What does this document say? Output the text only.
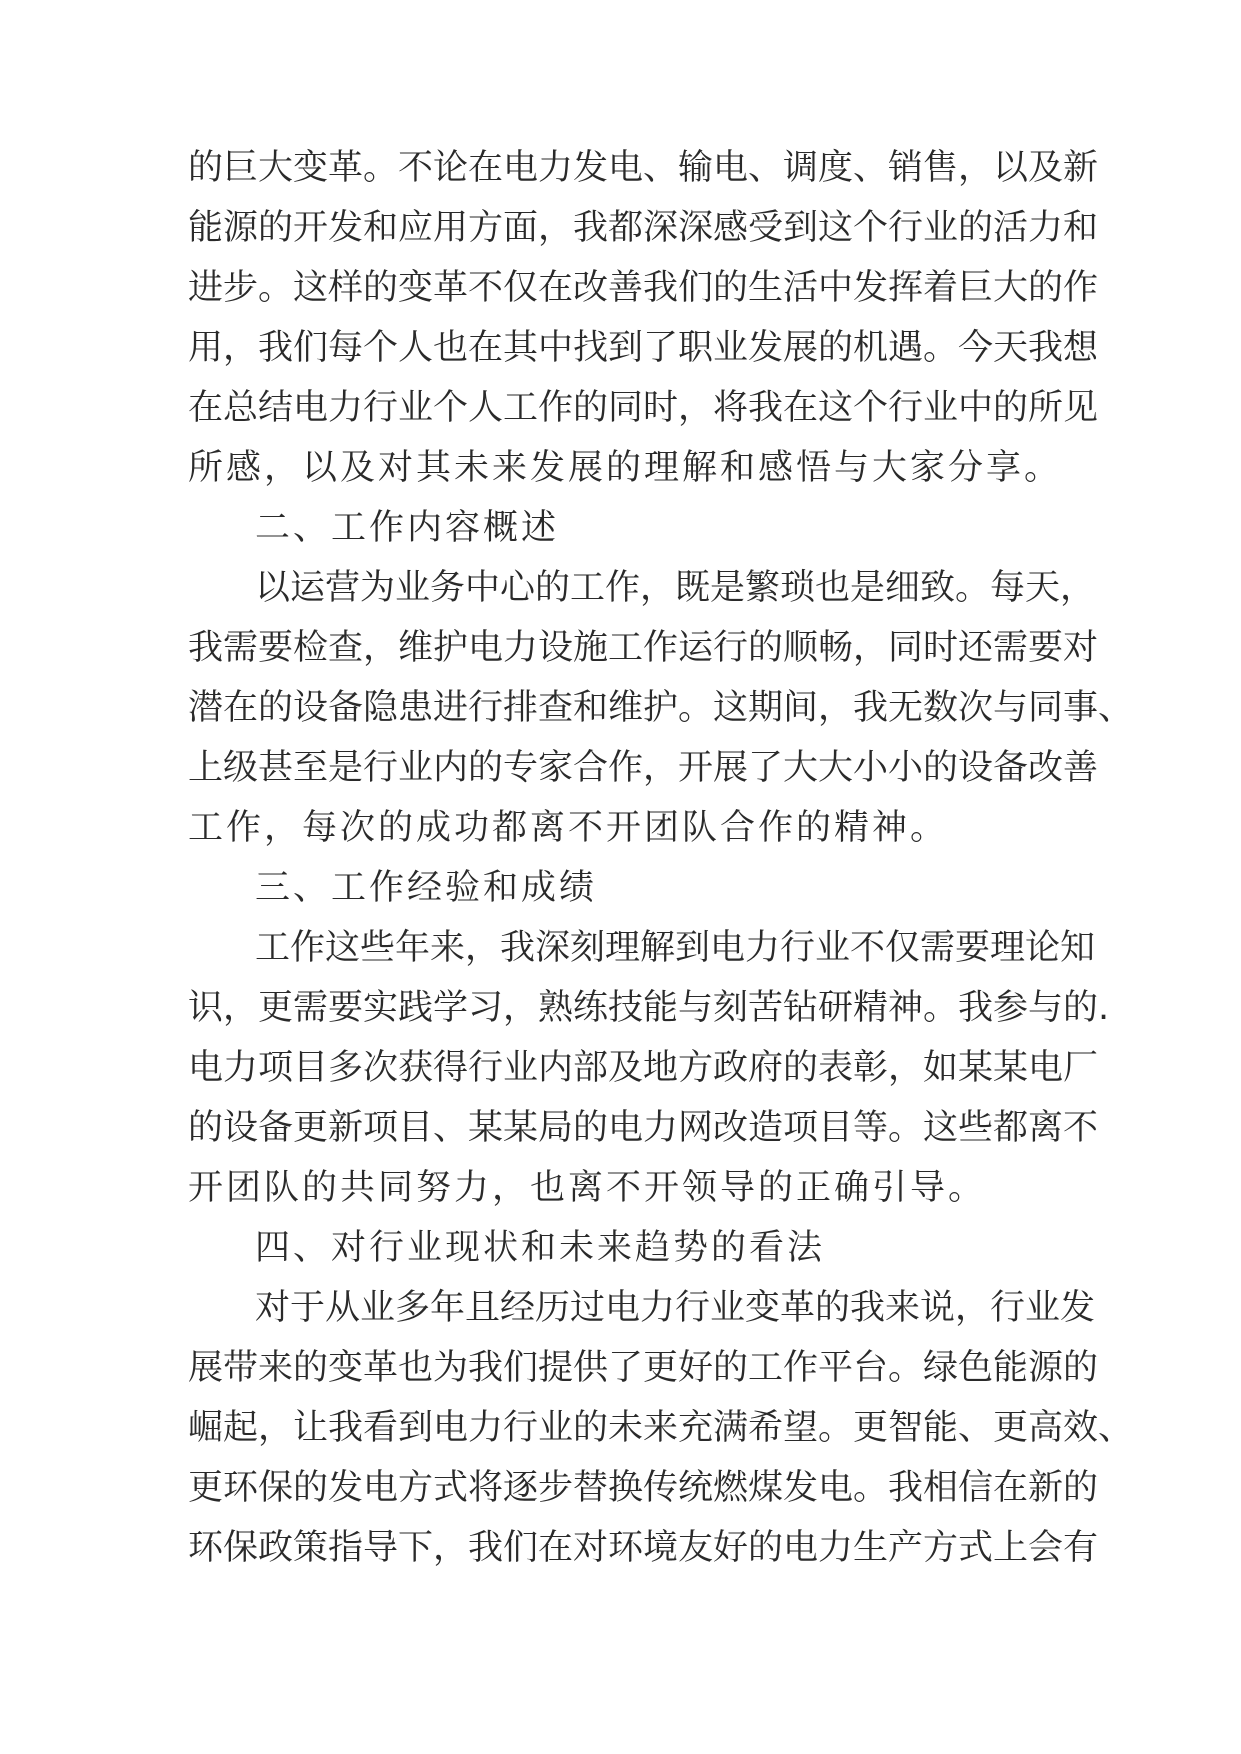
的巨大变革。不论在电力发电、输电、调度、销售，以及新
能源的开发和应用方面，我都深深感受到这个行业的活力和
进步。这样的变革不仅在改善我们的生活中发挥着巨大的作
用，我们每个人也在其中找到了职业发展的机遇。今天我想
在总结电力行业个人工作的同时，将我在这个行业中的所见
所感，以及对其未来发展的理解和感悟与大家分享。
二、工作内容概述
以运营为业务中心的工作，既是繁琐也是细致。每天，
我需要检查，维护电力设施工作运行的顺畅，同时还需要对
潜在的设备隐患进行排查和维护。这期间，我无数次与同事、
上级甚至是行业内的专家合作，开展了大大小小的设备改善
工作，每次的成功都离不开团队合作的精神。
三、工作经验和成绩
工作这些年来，我深刻理解到电力行业不仅需要理论知
识，更需要实践学习，熟练技能与刻苦钻研精神。我参与的.
电力项目多次获得行业内部及地方政府的表彰，如某某电厂
的设备更新项目、某某局的电力网改造项目等。这些都离不
开团队的共同努力，也离不开领导的正确引导。
四、对行业现状和未来趋势的看法
对于从业多年且经历过电力行业变革的我来说，行业发
展带来的变革也为我们提供了更好的工作平台。绿色能源的
崛起，让我看到电力行业的未来充满希望。更智能、更高效、
更环保的发电方式将逐步替换传统燃煤发电。我相信在新的
环保政策指导下，我们在对环境友好的电力生产方式上会有
